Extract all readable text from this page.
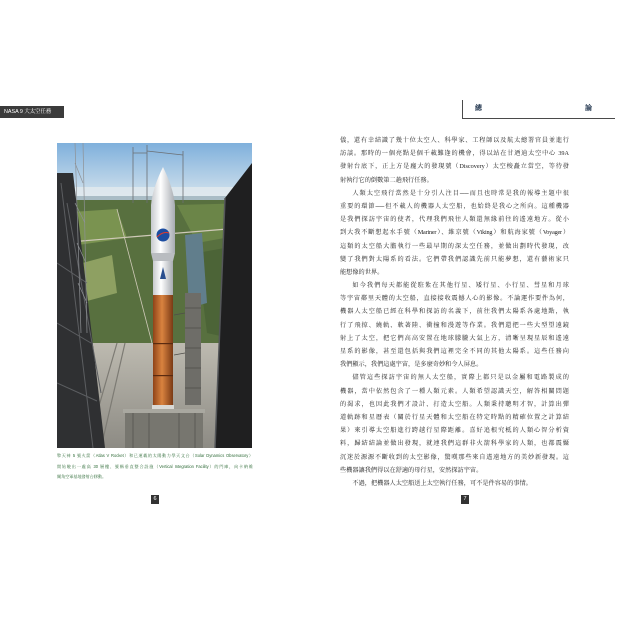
NASA 9 大太空任務
擎天神 5 號火箭（Atlas V Rocket）和已運載的太陽動力學天文台（Solar Dynamics Observatory）
開始駛出一處高 30 層樓、號稱垂直整合設施（Vertical Integration Facility）的門庫，向卡納維
爾角空軍基地發射台移動。
6
總	論
儀，還有幸結識了幾十位太空人、科學家、工程師以及航太總署官員並進行
訪談。那時的一個亮點是個千載難逢的機會，得以站在甘迺迪太空中心 39A
發射台底下，正上方是龐大的發現號（Discovery）太空梭矗立當空，等待發
射執行它的倒數第二趟飛行任務。
人類太空飛行當然是十分引人注目──而且也時常是我的報導主題中很
重要的環節──但不載人的機器人太空船，也始終是我心之所向。這種機器
是我們探訪宇宙的使者，代理我們飛往人類還無緣前往的遙遠地方。從小
到大我不斷想起水手號（Mariner）、維京號（Viking）和航海家號（Voyager）
這類的太空船大膽執行一些最早期的深太空任務，並做出劃時代發現，改
變了我們對太陽系的看法。它們帶我們認識先前只能夢想，還有藝術家只
能想像的世界。
如今我們每天都能從駐紮在其他行星、矮行星、小行星、彗星和月球
等宇宙鄰里天體的太空船，直接接收震撼人心的影像。不論運作要件為何，
機器人太空船已經在科學和探訪的名義下，前往我們太陽系各處地點，執
行了飛掠、繞軌、軟著陸、衝撞和漫遊等作業。我們還把一些大型望遠鏡
射上了太空，把它們高高安置在地球朦朧大氣上方，清晰呈現星辰和遙遠
星系的影像，甚至還包括與我們這裡完全不同的其他太陽系。這些任務向
我們顯示，我們這處宇宙，是多麼奇妙和令人屏息。
儘管這些探訪宇宙的無人太空船，實際上都只是以金屬和電路製成的
機器，當中依然包含了一種人類元素。人類希望認識天空，解答相關問題
的渴求，也因此我們才設計、打造太空船。人類秉持聰明才智，計算出彈
道軌跡和星曆表（關於行星天體和太空船在特定時點的精確位置之計算結
果）來引導太空船進行跨越行星際距離。喜好追根究柢的人類心智分析資
料，歸結結論並做出發現，就連我們這群非火箭科學家的人類，也都震懾
沉迷於源源不斷收到的太空影像，驚嘆那些來自遙遠地方的美妙新發現。這
些機器讓我們得以在舒適的母行星，安然探訪宇宙。
不過，把機器人太空船送上太空執行任務，可不是件容易的事情。
7
